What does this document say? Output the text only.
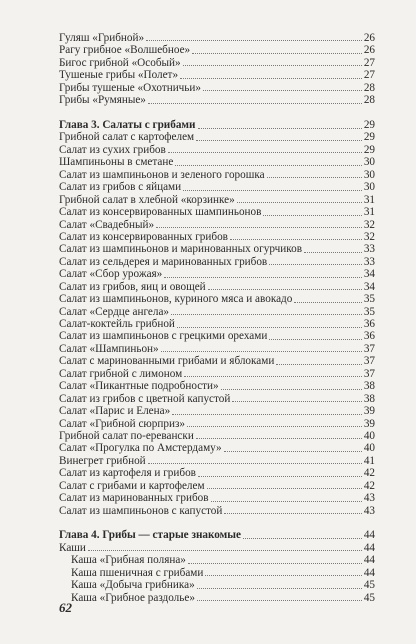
Гуляш «Грибной»	26
Рагу грибное «Волшебное»	26
Бигос грибной «Особый»	27
Тушеные грибы «Полет»	27
Грибы тушеные «Охотничьи»	28
Грибы «Румяные»	28
Глава 3. Салаты с грибами	29
Грибной салат с картофелем	29
Салат из сухих грибов	29
Шампиньоны в сметане	30
Салат из шампиньонов и зеленого горошка	30
Салат из грибов с яйцами	30
Грибной салат в хлебной «корзинке»	31
Салат из консервированных шампиньонов	31
Салат «Свадебный»	32
Салат из консервированных грибов	32
Салат из шампиньонов и маринованных огурчиков	33
Салат из сельдерея и маринованных грибов	33
Салат «Сбор урожая»	34
Салат из грибов, яиц и овощей	34
Салат из шампиньонов, куриного мяса и авокадо	35
Салат «Сердце ангела»	35
Салат-коктейль грибной	36
Салат из шампиньонов с грецкими орехами	36
Салат «Шампиньон»	37
Салат с маринованными грибами и яблоками	37
Салат грибной с лимоном	37
Салат «Пикантные подробности»	38
Салат из грибов с цветной капустой	38
Салат «Парис и Елена»	39
Салат «Грибной сюрприз»	39
Грибной салат по-еревански	40
Салат «Прогулка по Амстердаму»	40
Винегрет грибной	41
Салат из картофеля и грибов	42
Салат с грибами и картофелем	42
Салат из маринованных грибов	43
Салат из шампиньонов с капустой	43
Глава 4. Грибы — старые знакомые	44
Каши	44
Каша «Грибная поляна»	44
Каша пшеничная с грибами	44
Каша «Добыча грибника»	45
Каша «Грибное раздолье»	45
62
